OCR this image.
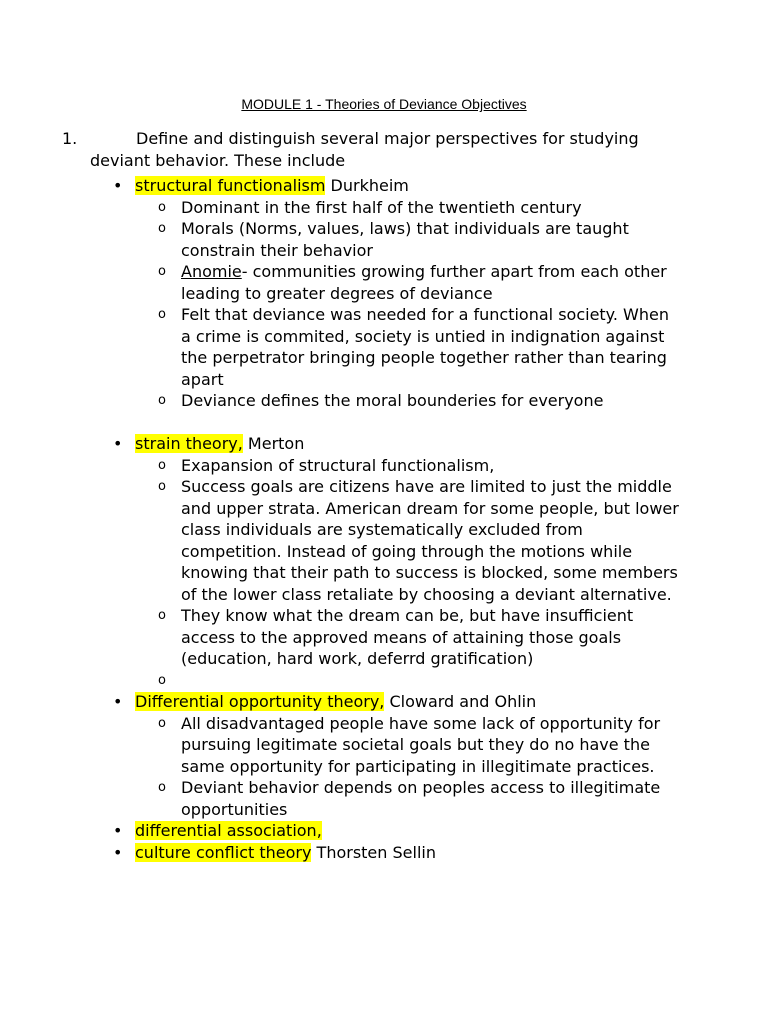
MODULE 1 - Theories of Deviance Objectives
1.	Define and distinguish several major perspectives for studying deviant behavior. These include
• structural functionalism Durkheim
o Dominant in the first half of the twentieth century
o Morals (Norms, values, laws) that individuals are taught constrain their behavior
o Anomie- communities growing further apart from each other leading to greater degrees of deviance
o Felt that deviance was needed for a functional society. When a crime is commited, society is untied in indignation against the perpetrator bringing people together rather than tearing apart
o Deviance defines the moral bounderies for everyone
• strain theory, Merton
o Exapansion of structural functionalism,
o Success goals are citizens have are limited to just the middle and upper strata. American dream for some people, but lower class individuals are systematically excluded from competition. Instead of going through the motions while knowing that their path to success is blocked, some members of the lower class retaliate by choosing a deviant alternative.
o They know what the dream can be, but have insufficient access to the approved means of attaining those goals (education, hard work, deferrd gratification)
o
• Differential opportunity theory, Cloward and Ohlin
o All disadvantaged people have some lack of opportunity for pursuing legitimate societal goals but they do no have the same opportunity for participating in illegitimate practices.
o Deviant behavior depends on peoples access to illegitimate opportunities
• differential association,
• culture conflict theory Thorsten Sellin
